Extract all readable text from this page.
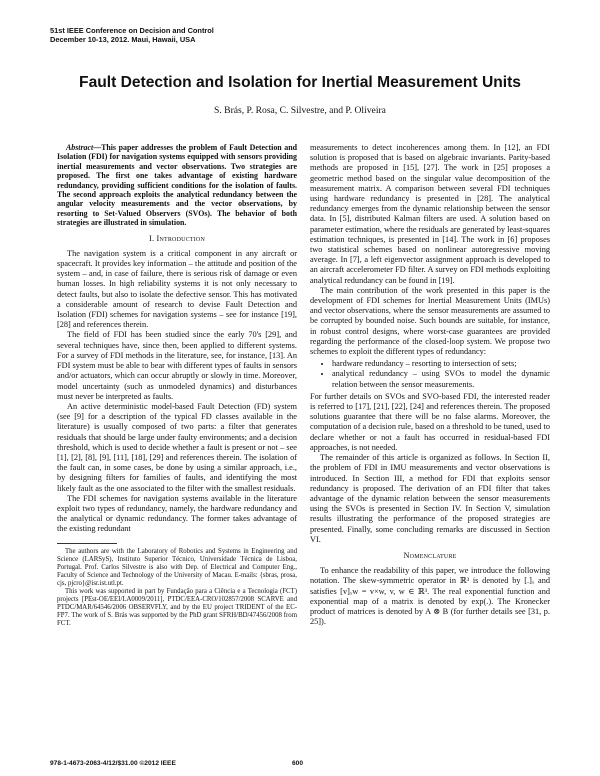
51st IEEE Conference on Decision and Control
December 10-13, 2012. Maui, Hawaii, USA
Fault Detection and Isolation for Inertial Measurement Units
S. Brás, P. Rosa, C. Silvestre, and P. Oliveira

Abstract—This paper addresses the problem of Fault Detection and Isolation (FDI) for navigation systems equipped with sensors providing inertial measurements and vector observations. Two strategies are proposed. The first one takes advantage of existing hardware redundancy, providing sufficient conditions for the isolation of faults. The second approach exploits the analytical redundancy between the angular velocity measurements and the vector observations, by resorting to Set-Valued Observers (SVOs). The behavior of both strategies are illustrated in simulation.

I. Introduction

The navigation system is a critical component in any aircraft or spacecraft. It provides key information – the attitude and position of the system – and, in case of failure, there is serious risk of damage or even human losses. In high reliability systems it is not only necessary to detect faults, but also to isolate the defective sensor. This has motivated a considerable amount of research to devise Fault Detection and Isolation (FDI) schemes for navigation systems – see for instance [19], [28] and references therein.

The field of FDI has been studied since the early 70's [29], and several techniques have, since then, been applied to different systems. For a survey of FDI methods in the literature, see, for instance, [13]. An FDI system must be able to bear with different types of faults in sensors and/or actuators, which can occur abruptly or slowly in time. Moreover, model uncertainty (such as unmodeled dynamics) and disturbances must never be interpreted as faults.

An active deterministic model-based Fault Detection (FD) system (see [9] for a description of the typical FD classes available in the literature) is usually composed of two parts: a filter that generates residuals that should be large under faulty environments; and a decision threshold, which is used to decide whether a fault is present or not – see [1], [2], [8], [9], [11], [18], [29] and references therein. The isolation of the fault can, in some cases, be done by using a similar approach, i.e., by designing filters for families of faults, and identifying the most likely fault as the one associated to the filter with the smallest residuals.

The FDI schemes for navigation systems available in the literature exploit two types of redundancy, namely, the hardware redundancy and the analytical or dynamic redundancy. The former takes advantage of the existing redundant

The authors are with the Laboratory of Robotics and Systems in Engineering and Science (LARSyS), Instituto Superior Técnico, Universidade Técnica de Lisboa, Portugal. Prof. Carlos Silvestre is also with Dep. of Electrical and Computer Eng., Faculty of Science and Technology of the University of Macau. E-mails: {sbras, prosa, cjs, pjcro}@isr.ist.utl.pt.

This work was supported in part by Fundação para a Ciência e a Tecnologia (FCT) projects [PEst-OE/EEI/LA0009/2011], PTDC/EEA-CRO/102857/2008 SCARVE and PTDC/MAR/64546/2006 OBSERVFLY, and by the EU project TRIDENT of the EC-FP7. The work of S. Brás was supported by the PhD grant SFRH/BD/47456/2008 from FCT.

measurements to detect incoherences among them. In [12], an FDI solution is proposed that is based on algebraic invariants. Parity-based methods are proposed in [15], [27]. The work in [25] proposes a geometric method based on the singular value decomposition of the measurement matrix. A comparison between several FDI techniques using hardware redundancy is presented in [28]. The analytical redundancy emerges from the dynamic relationship between the sensor data. In [5], distributed Kalman filters are used. A solution based on parameter estimation, where the residuals are generated by least-squares estimation techniques, is presented in [14]. The work in [6] proposes two statistical schemes based on nonlinear autoregressive moving average. In [7], a left eigenvector assignment approach is developed to an aircraft accelerometer FD filter. A survey on FDI methods exploiting analytical redundancy can be found in [19].

The main contribution of the work presented in this paper is the development of FDI schemes for Inertial Measurement Units (IMUs) and vector observations, where the sensor measurements are assumed to be corrupted by bounded noise. Such bounds are suitable, for instance, in robust control designs, where worst-case guarantees are provided regarding the performance of the closed-loop system. We propose two schemes to exploit the different types of redundancy:

• hardware redundancy – resorting to intersection of sets;
• analytical redundancy – using SVOs to model the dynamic relation between the sensor measurements.

For further details on SVOs and SVO-based FDI, the interested reader is referred to [17], [21], [22], [24] and references therein. The proposed solutions guarantee that there will be no false alarms. Moreover, the computation of a decision rule, based on a threshold to be tuned, used to declare whether or not a fault has occurred in residual-based FDI approaches, is not needed.

The remainder of this article is organized as follows. In Section II, the problem of FDI in IMU measurements and vector observations is introduced. In Section III, a method for FDI that exploits sensor redundancy is proposed. The derivation of an FDI filter that takes advantage of the dynamic relation between the sensor measurements using the SVOs is presented in Section IV. In Section V, simulation results illustrating the performance of the proposed strategies are presented. Finally, some concluding remarks are discussed in Section VI.

Nomenclature

To enhance the readability of this paper, we introduce the following notation. The skew-symmetric operator in ℝ³ is denoted by [.]ₓ and satisfies [v]ₓw = v×w, v, w ∈ ℝ³. The real exponential function and exponential map of a matrix is denoted by exp(.). The Kronecker product of matrices is denoted by A ⊗ B (for further details see [31, p. 25]).

978-1-4673-2063-4/12/$31.00 ©2012 IEEE	600
